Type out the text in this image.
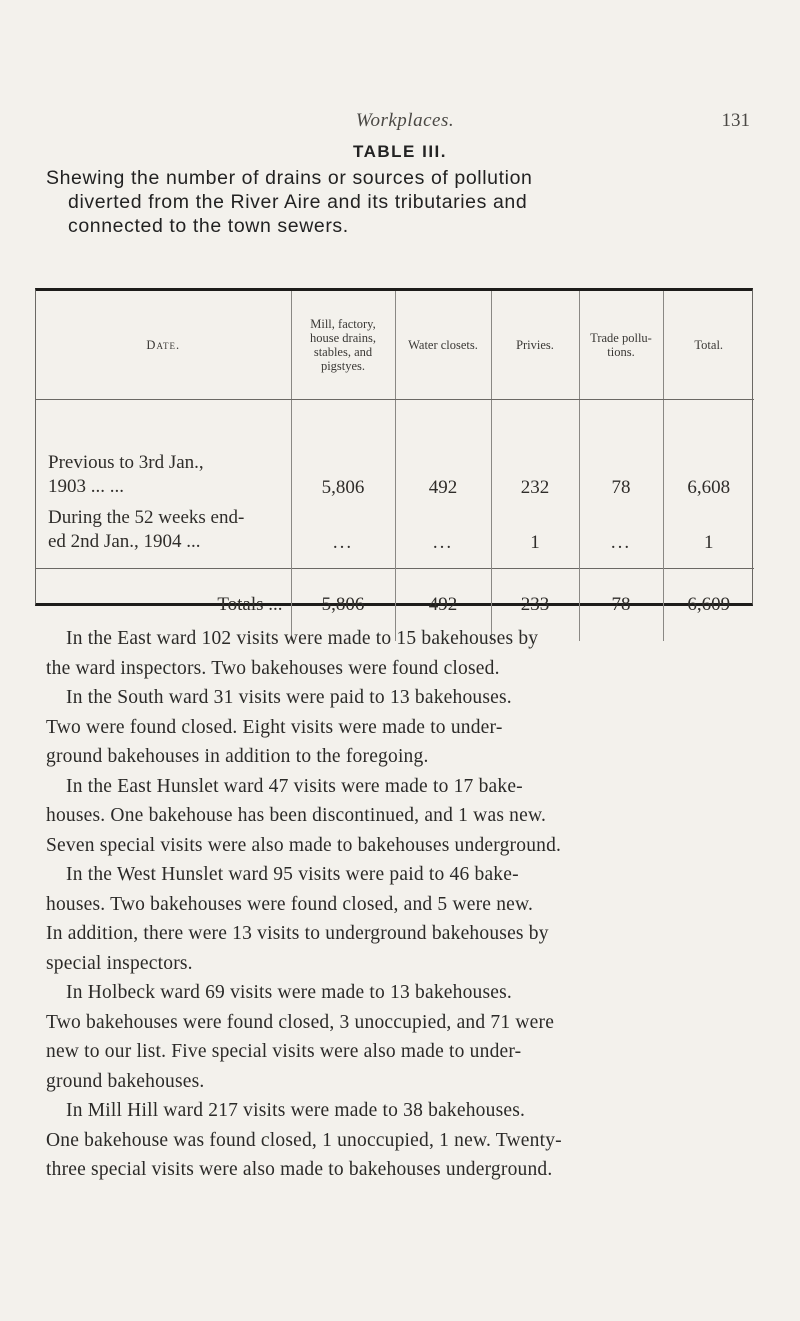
Workplaces.	131
TABLE III.
Shewing the number of drains or sources of pollution
diverted from the River Aire and its tributaries and
connected to the town sewers.
Date.	Mill, factory, house drains, stables, and pigstyes.	Water closets.	Privies.	Trade pollu- tions.	Total.

Previous to 3rd Jan.,
1903 ... ...	5,806	492	232	78	6,608

During the 52 weeks end-
ed 2nd Jan., 1904 ...	...	...	1	...	1
Totals ...	5,806	492	233	78	6,609
In the East ward 102 visits were made to 15 bakehouses by
the ward inspectors. Two bakehouses were found closed.
In the South ward 31 visits were paid to 13 bakehouses.
Two were found closed. Eight visits were made to under-
ground bakehouses in addition to the foregoing.
In the East Hunslet ward 47 visits were made to 17 bake-
houses. One bakehouse has been discontinued, and 1 was new.
Seven special visits were also made to bakehouses underground.
In the West Hunslet ward 95 visits were paid to 46 bake-
houses. Two bakehouses were found closed, and 5 were new.
In addition, there were 13 visits to underground bakehouses by
special inspectors.
In Holbeck ward 69 visits were made to 13 bakehouses.
Two bakehouses were found closed, 3 unoccupied, and 71 were
new to our list. Five special visits were also made to under-
ground bakehouses.
In Mill Hill ward 217 visits were made to 38 bakehouses.
One bakehouse was found closed, 1 unoccupied, 1 new. Twenty-
three special visits were also made to bakehouses underground.
